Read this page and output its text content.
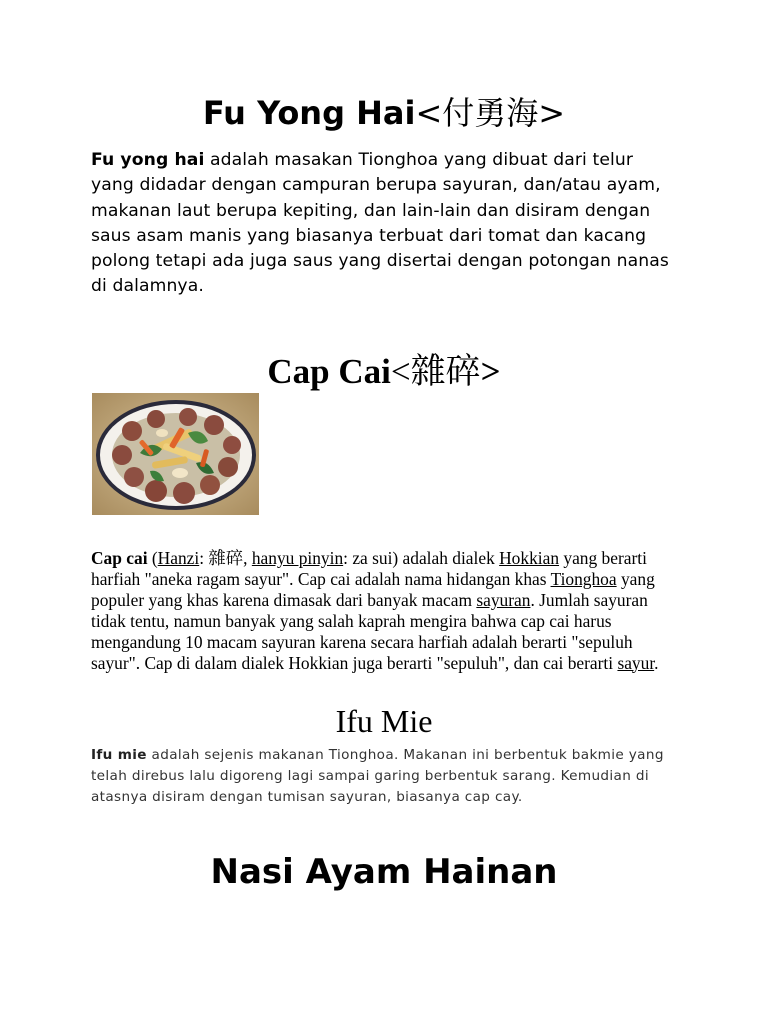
Fu Yong Hai<付勇海>

Fu yong hai adalah masakan Tionghoa yang dibuat dari telur yang didadar dengan campuran berupa sayuran, dan/atau ayam, makanan laut berupa kepiting, dan lain-lain dan disiram dengan saus asam manis yang biasanya terbuat dari tomat dan kacang polong tetapi ada juga saus yang disertai dengan potongan nanas di dalamnya.

Cap Cai<雜碎>

Cap cai (Hanzi: 雜碎, hanyu pinyin: za sui) adalah dialek Hokkian yang berarti harfiah "aneka ragam sayur". Cap cai adalah nama hidangan khas Tionghoa yang populer yang khas karena dimasak dari banyak macam sayuran. Jumlah sayuran tidak tentu, namun banyak yang salah kaprah mengira bahwa cap cai harus mengandung 10 macam sayuran karena secara harfiah adalah berarti "sepuluh sayur". Cap di dalam dialek Hokkian juga berarti "sepuluh", dan cai berarti sayur.

Ifu Mie

Ifu mie adalah sejenis makanan Tionghoa. Makanan ini berbentuk bakmie yang telah direbus lalu digoreng lagi sampai garing berbentuk sarang. Kemudian di atasnya disiram dengan tumisan sayuran, biasanya cap cay.

Nasi Ayam Hainan
